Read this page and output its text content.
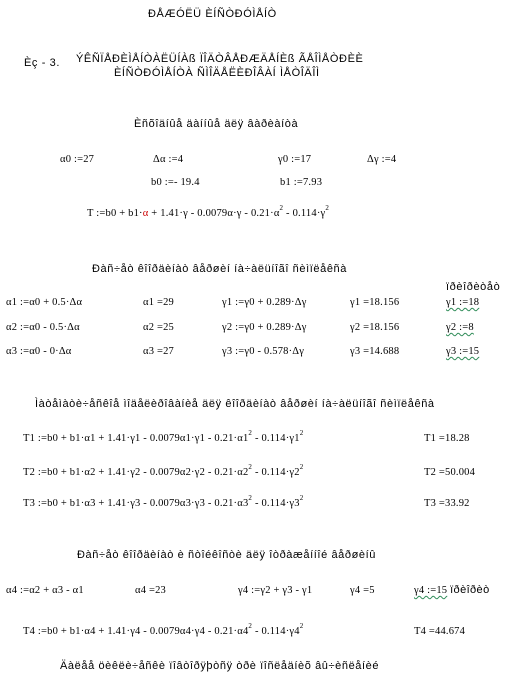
ÐÅÆÓËÜ ÈÍÑÒÐÓÌÅÍÒ
Èç - 3. ÝÊÑÏÅÐÈÌÅÍÒÀËÜÍÀß ÏÎÄÒÂÅÐÆÄÅÍÈß ÃÅÎÌÅÒÐÈÈ
ÈÍÑÒÐÓÌÅÍÒÀ ÑÌÎÄÅËÈÐÎÂÀÍ ÌÅÒÎÄÎÌ
Èñõîäíûå äàííûå äëÿ âàðèàíòà
α0 :=27	Δα :=4	γ0 :=17	Δγ :=4
b0 :=- 19.4	b1 :=7.93
T :=b0 + $b1\cdot\alpha + 1.41\cdot\gamma - 0.0079\alpha\cdot\gamma - 0.21\cdot\alpha^2 - 0.114\cdot\gamma^2$
Ðàñ÷åò êîîðäèíàò âåðøèí íà÷àëüíîãî ñèìïëåêñà
ïðèîðèòåò
α1 :=α0 + 0.5·Δα	α1 =29	γ1 :=γ0 + 0.289·Δγ	γ1 =18.156	γ1 :=18
α2 :=α0 - 0.5·Δα	α2 =25	γ2 :=γ0 + 0.289·Δγ	γ2 =18.156	γ2 :=8
α3 :=α0 - 0·Δα	α3 =27	γ3 :=γ0 - 0.578·Δγ	γ3 =14.688	γ3 :=15
Ìàòåìàòè÷åñêîå ìîäåëèðîâàíèå äëÿ êîîðäèíàò âåðøèí íà÷àëüíîãî ñèìïëåêñà
T1 :=b0 + $b1\cdot\alpha 1 + 1.41\cdot\gamma 1 - 0.0079\alpha 1\cdot\gamma 1 - 0.21\cdot\alpha 1^2 - 0.114\cdot\gamma 1^2$	T1 =18.28
T2 :=b0 + $b1\cdot\alpha 2 + 1.41\cdot\gamma 2 - 0.0079\alpha 2\cdot\gamma 2 - 0.21\cdot\alpha 2^2 - 0.114\cdot\gamma 2^2$	T2 =50.004
T3 :=b0 + $b1\cdot\alpha 3 + 1.41\cdot\gamma 3 - 0.0079\alpha 3\cdot\gamma 3 - 0.21\cdot\alpha 3^2 - 0.114\cdot\gamma 3^2$	T3 =33.92
Ðàñ÷åò êîîðäèíàò è ñòîéêîñòè äëÿ îòðàæåííîé âåðøèíû
α4 :=α2 + α3 - α1	α4 =23	γ4 :=γ2 + γ3 - γ1	γ4 =5	γ4 :=15 ïðèîðèò
T4 :=b0 + $b1\cdot\alpha 4 + 1.41\cdot\gamma 4 - 0.0079\alpha 4\cdot\gamma 4 - 0.21\cdot\alpha 4^2 - 0.114\cdot\gamma 4^2$	T4 =44.674
Äàëåå öèêëè÷åñêè ïîâòîðÿþòñÿ òðè ïîñëåäíèõ âû÷èñëåíèé
